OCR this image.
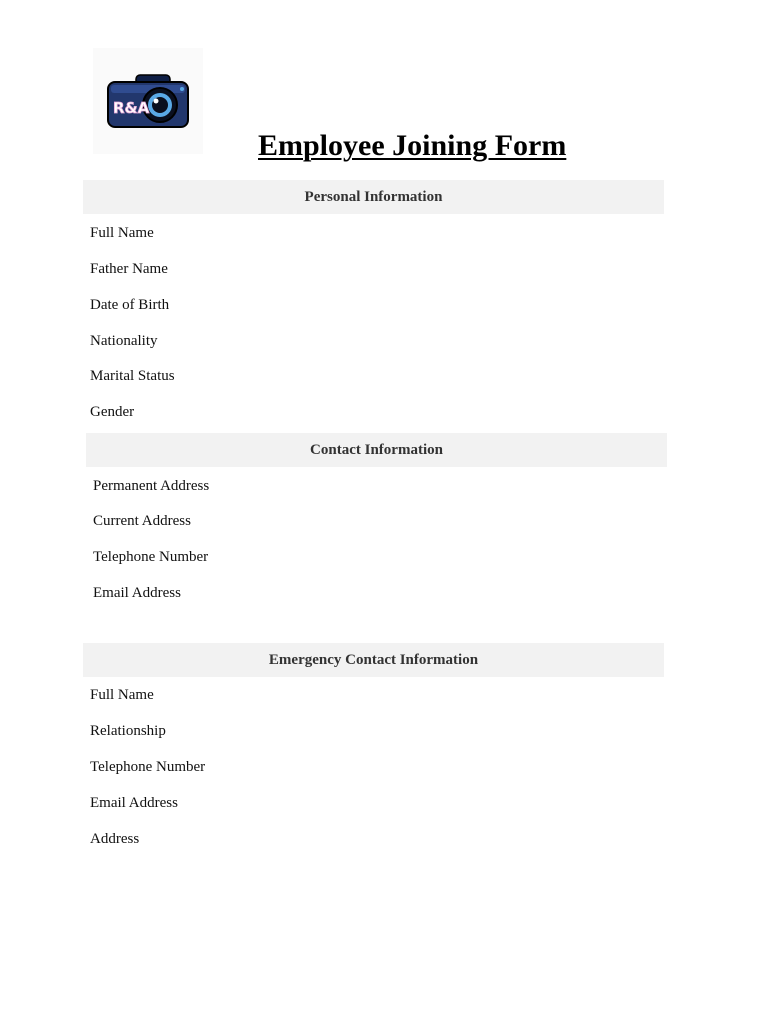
R&A
Employee Joining Form
Personal Information
Full Name
Father Name
Date of Birth
Nationality
Marital Status
Gender
Contact Information
Permanent Address
Current Address
Telephone Number
Email Address
Emergency Contact Information
Full Name
Relationship
Telephone Number
Email Address
Address
